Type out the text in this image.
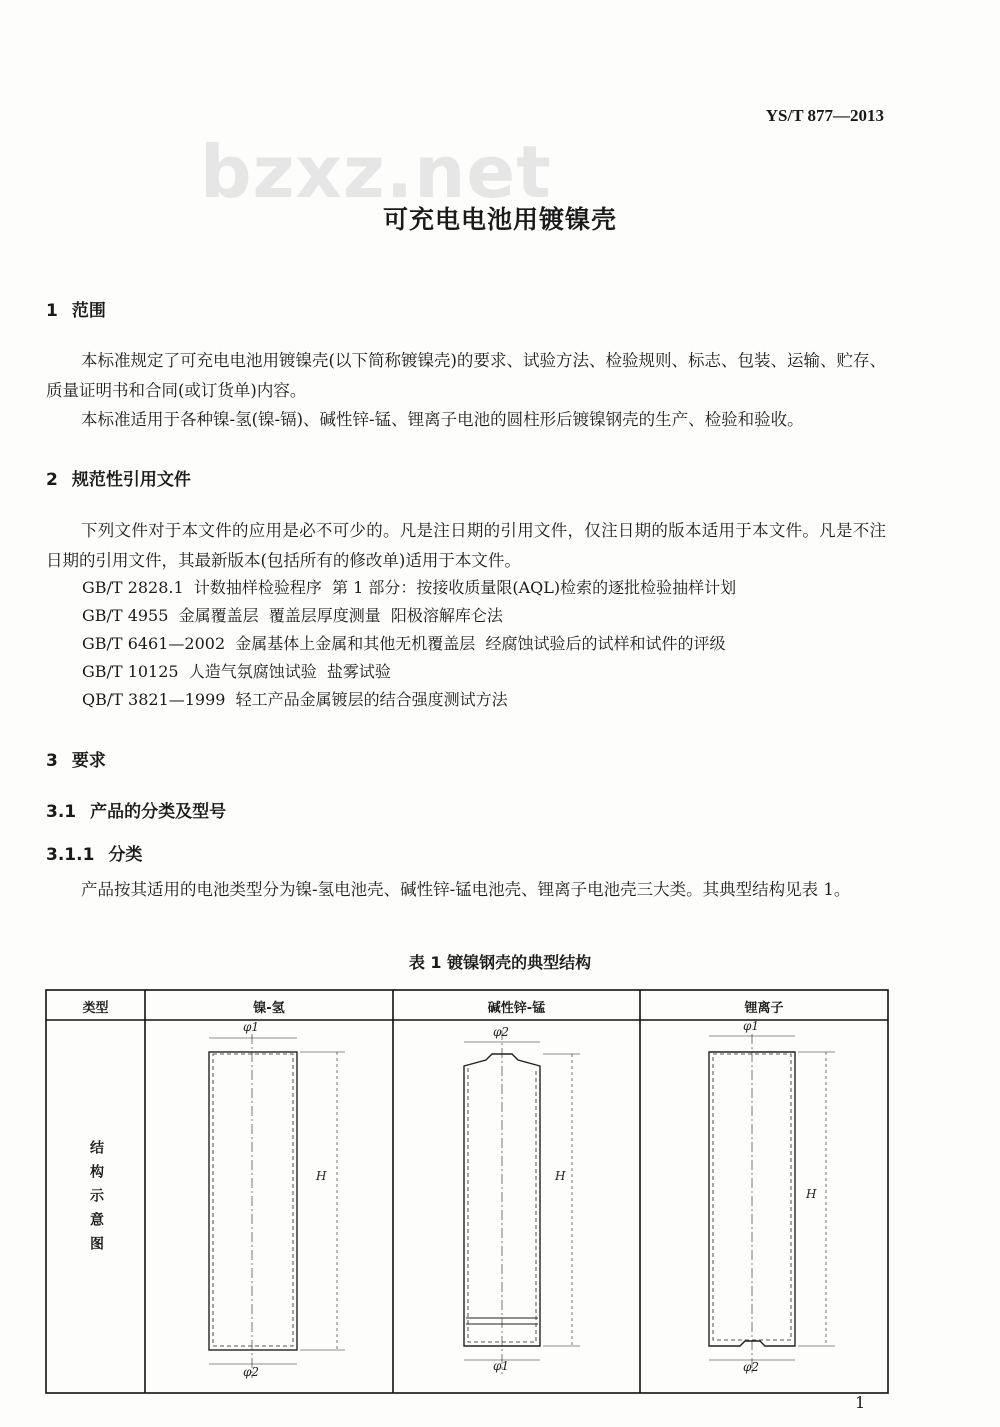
YS/T 877—2013
bzxz.net
可充电电池用镀镍壳
1 范围
本标准规定了可充电电池用镀镍壳(以下简称镀镍壳)的要求、试验方法、检验规则、标志、包装、运输、贮存、质量证明书和合同(或订货单)内容。
本标准适用于各种镍-氢(镍-镉)、碱性锌-锰、锂离子电池的圆柱形后镀镍钢壳的生产、检验和验收。
2 规范性引用文件
下列文件对于本文件的应用是必不可少的。凡是注日期的引用文件，仅注日期的版本适用于本文件。凡是不注日期的引用文件，其最新版本(包括所有的修改单)适用于本文件。
GB/T 2828.1  计数抽样检验程序  第 1 部分：按接收质量限(AQL)检索的逐批检验抽样计划
GB/T 4955  金属覆盖层  覆盖层厚度测量  阳极溶解库仑法
GB/T 6461—2002  金属基体上金属和其他无机覆盖层  经腐蚀试验后的试样和试件的评级
GB/T 10125  人造气氛腐蚀试验  盐雾试验
QB/T 3821—1999  轻工产品金属镀层的结合强度测试方法
3 要求
3.1 产品的分类及型号
3.1.1 分类
产品按其适用的电池类型分为镍-氢电池壳、碱性锌-锰电池壳、锂离子电池壳三大类。其典型结构见表 1。
表 1 镀镍钢壳的典型结构
φ1
φ2
H
φ2
φ1
H
φ1
φ2
H
类型	镍-氢	碱性锌-锰	锂离子
结构示意图
1
